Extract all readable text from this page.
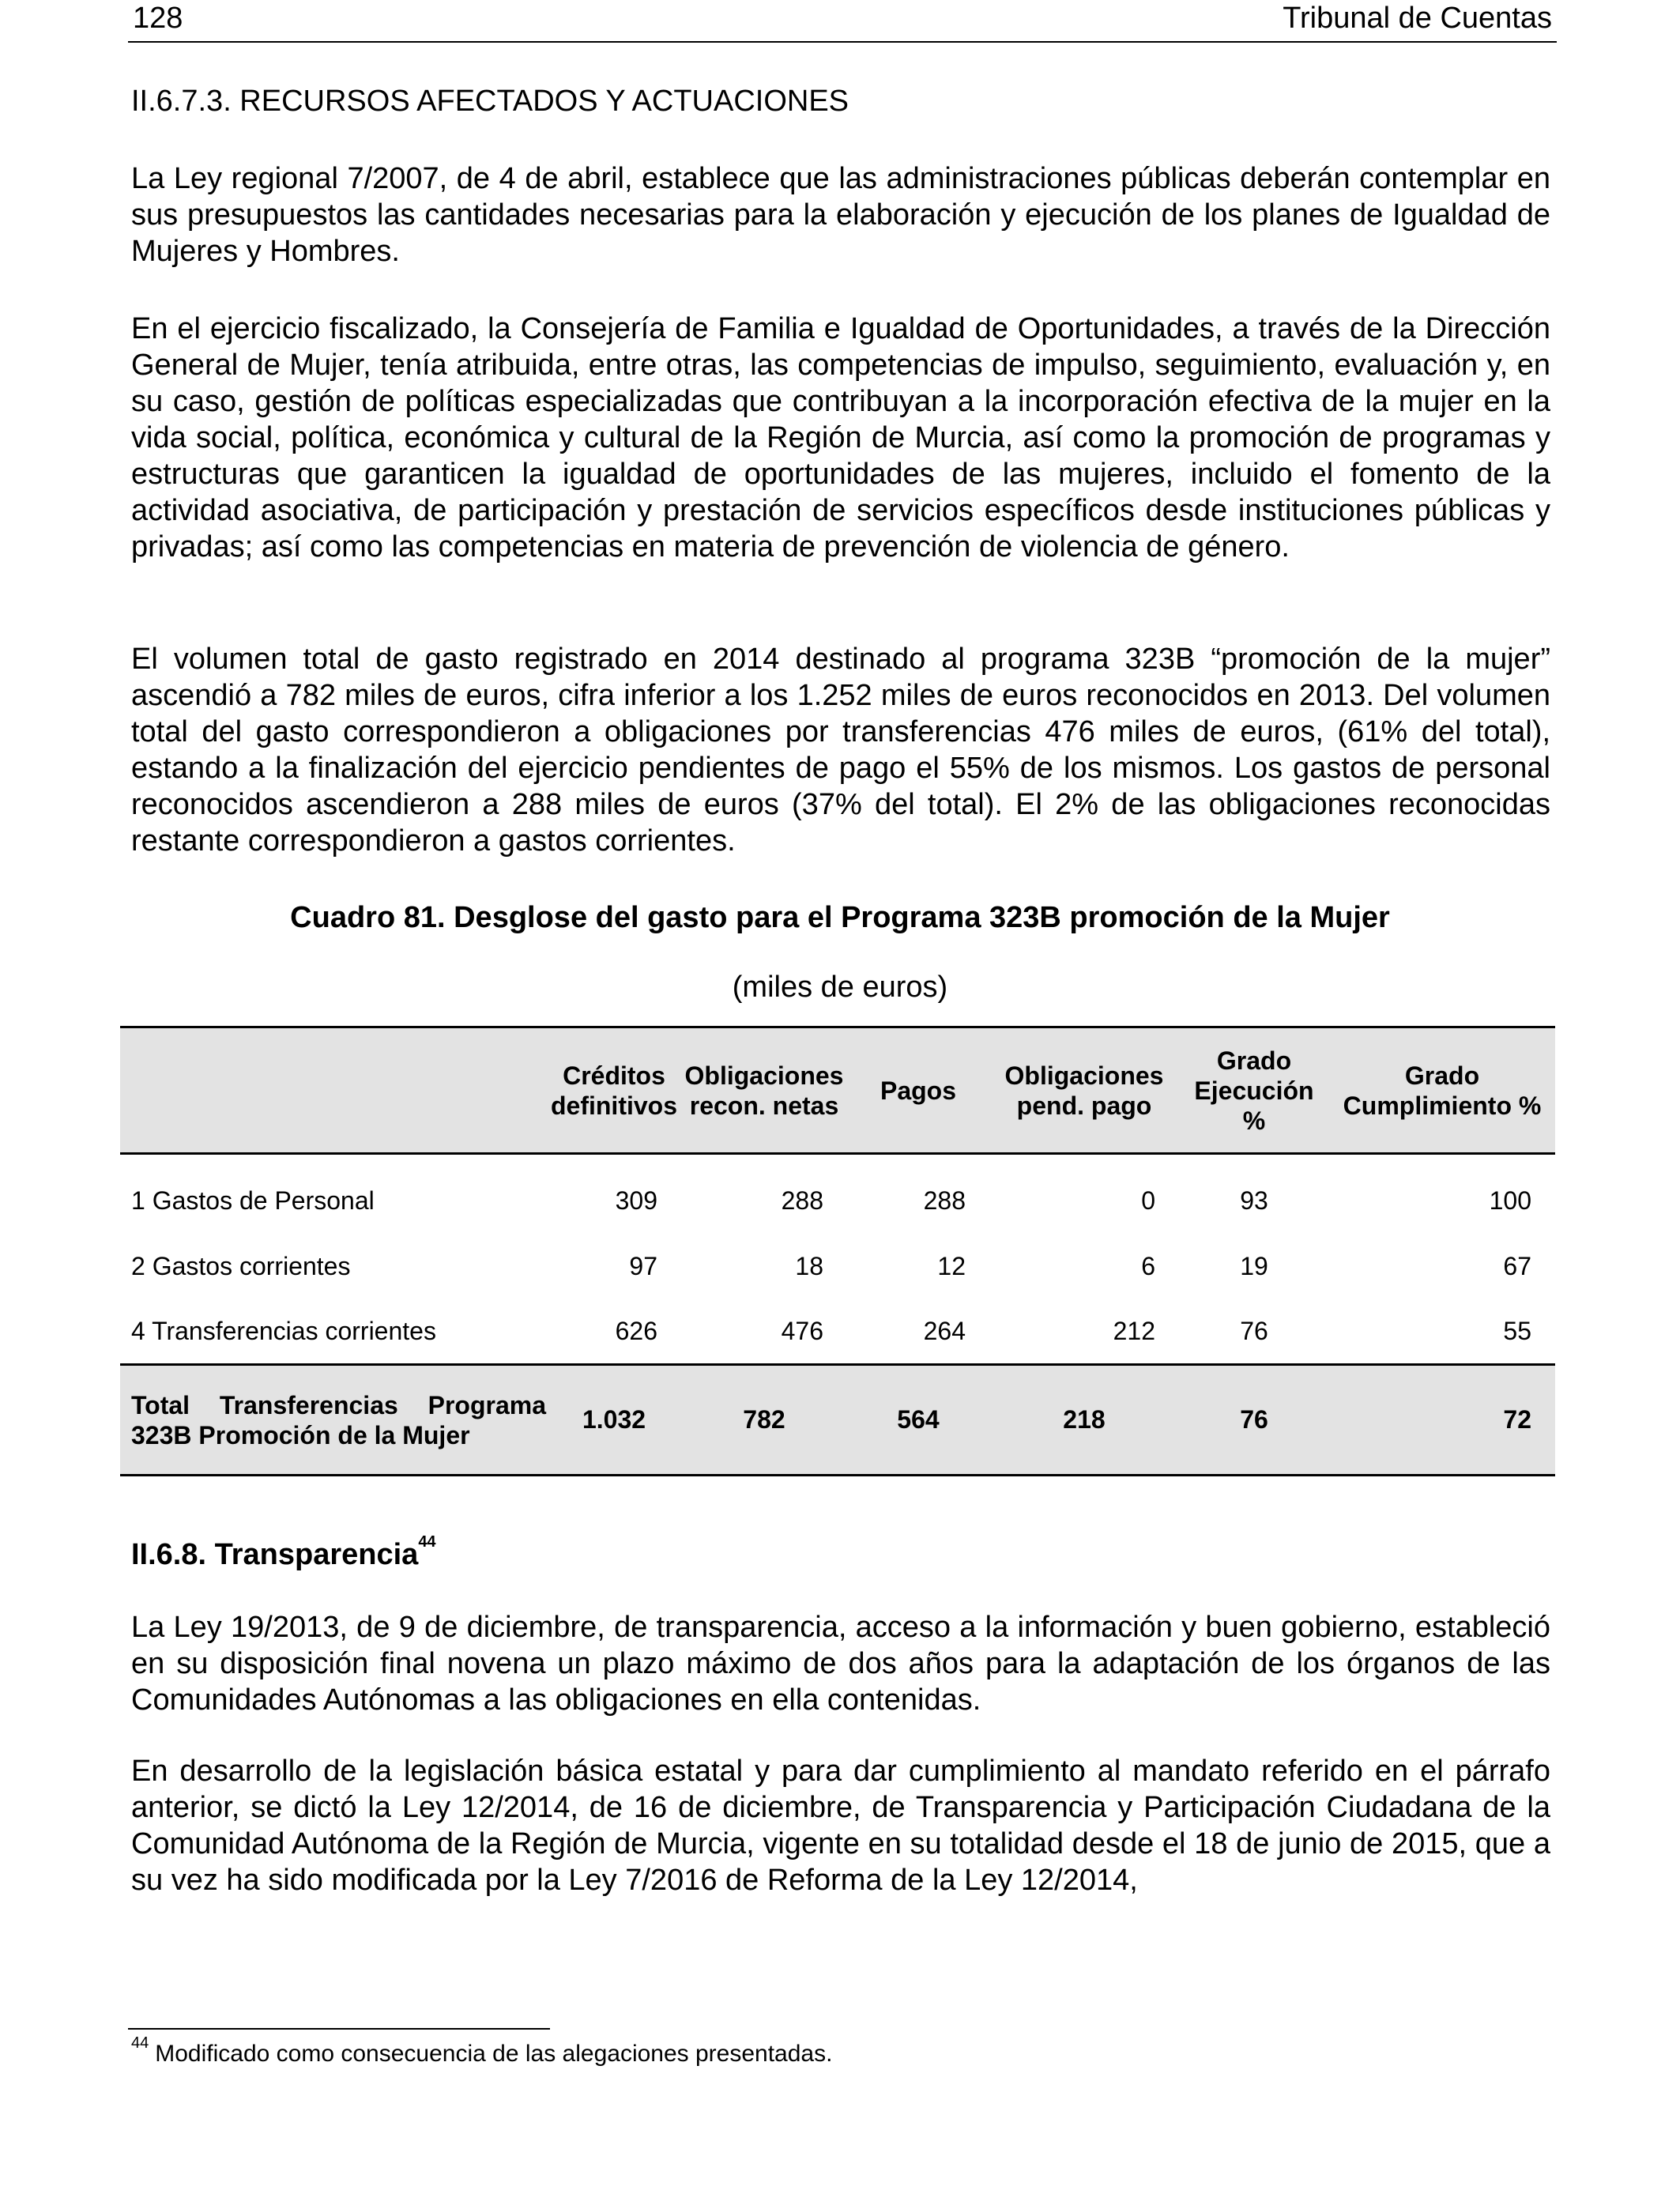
128	Tribunal de Cuentas
II.6.7.3. RECURSOS AFECTADOS Y ACTUACIONES

La Ley regional 7/2007, de 4 de abril, establece que las administraciones públicas deberán contemplar en sus presupuestos las cantidades necesarias para la elaboración y ejecución de los planes de Igualdad de Mujeres y Hombres.

En el ejercicio fiscalizado, la Consejería de Familia e Igualdad de Oportunidades, a través de la Dirección General de Mujer, tenía atribuida, entre otras, las competencias de impulso, seguimiento, evaluación y, en su caso, gestión de políticas especializadas que contribuyan a la incorporación efectiva de la mujer en la vida social, política, económica y cultural de la Región de Murcia, así como la promoción de programas y estructuras que garanticen la igualdad de oportunidades de las mujeres, incluido el fomento de la actividad asociativa, de participación y prestación de servicios específicos desde instituciones públicas y privadas; así como las competencias en materia de prevención de violencia de género.

El volumen total de gasto registrado en 2014 destinado al programa 323B “promoción de la mujer” ascendió a 782 miles de euros, cifra inferior a los 1.252 miles de euros reconocidos en 2013. Del volumen total del gasto correspondieron a obligaciones por transferencias 476 miles de euros, (61% del total), estando a la finalización del ejercicio pendientes de pago el 55% de los mismos. Los gastos de personal reconocidos ascendieron a 288 miles de euros (37% del total). El 2% de las obligaciones reconocidas restante correspondieron a gastos corrientes.

Cuadro 81. Desglose del gasto para el Programa 323B promoción de la Mujer
(miles de euros)
	Créditos definitivos	Obligaciones recon. netas	Pagos	Obligaciones pend. pago	Grado Ejecución %	Grado Cumplimiento %

1 Gastos de Personal	309	288	288	0	93	100
2 Gastos corrientes	97	18	12	6	19	67
4 Transferencias corrientes	626	476	264	212	76	55
Total Transferencias Programa 323B Promoción de la Mujer	1.032	782	564	218	76	72
II.6.8. Transparencia$^{44}$

La Ley 19/2013, de 9 de diciembre, de transparencia, acceso a la información y buen gobierno, estableció en su disposición final novena un plazo máximo de dos años para la adaptación de los órganos de las Comunidades Autónomas a las obligaciones en ella contenidas.

En desarrollo de la legislación básica estatal y para dar cumplimiento al mandato referido en el párrafo anterior, se dictó la Ley 12/2014, de 16 de diciembre, de Transparencia y Participación Ciudadana de la Comunidad Autónoma de la Región de Murcia, vigente en su totalidad desde el 18 de junio de 2015, que a su vez ha sido modificada por la Ley 7/2016 de Reforma de la Ley 12/2014,

$^{44}$ Modificado como consecuencia de las alegaciones presentadas.
